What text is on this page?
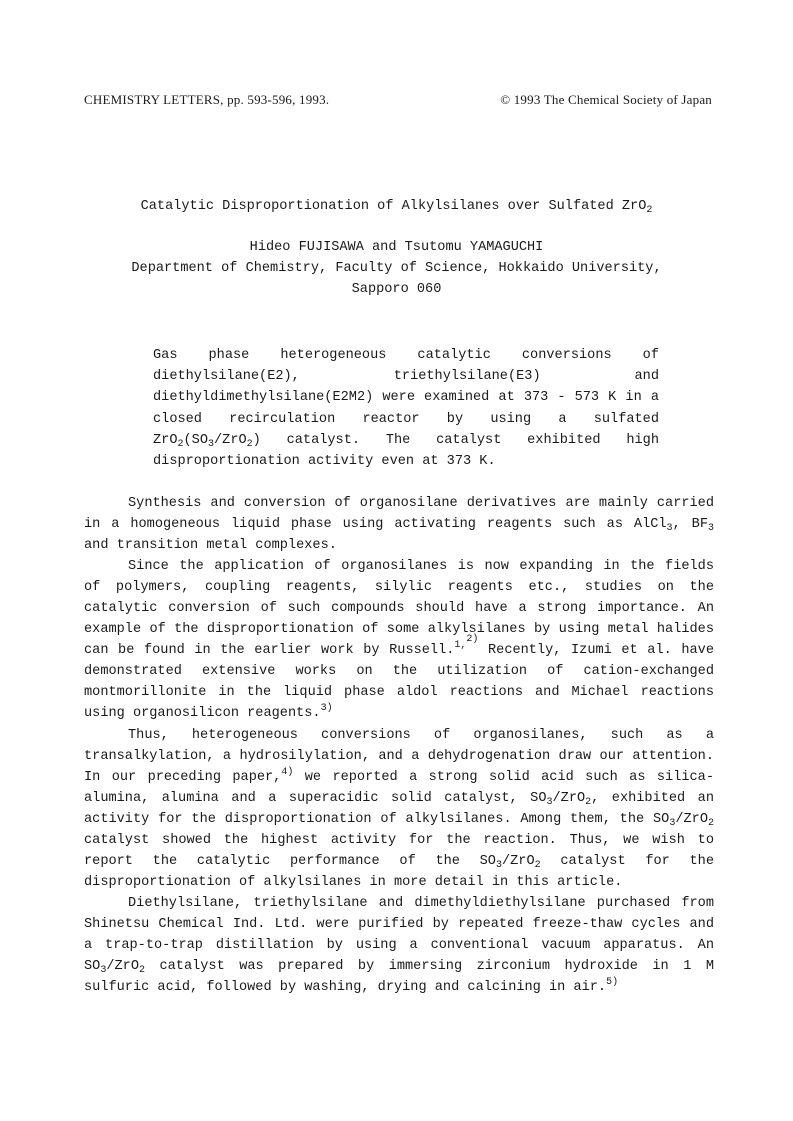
CHEMISTRY LETTERS, pp. 593-596, 1993.	© 1993 The Chemical Society of Japan
Catalytic Disproportionation of Alkylsilanes over Sulfated ZrO$_2$
Hideo FUJISAWA and Tsutomu YAMAGUCHI
Department of Chemistry, Faculty of Science, Hokkaido University,
Sapporo 060
Gas phase heterogeneous catalytic conversions of diethylsilane(E2), triethylsilane(E3) and diethyldimethylsilane(E2M2) were examined at 373 - 573 K in a closed recirculation reactor by using a sulfated $ZrO_2(SO_3/ZrO_2)$ catalyst. The catalyst exhibited high disproportionation activity even at 373 K.

Synthesis and conversion of organosilane derivatives are mainly carried in a homogeneous liquid phase using activating reagents such as AlCl$_3$, $BF_3$ and transition metal complexes.

Since the application of organosilanes is now expanding in the fields of polymers, coupling reagents, silylic reagents etc., studies on the catalytic conversion of such compounds should have a strong importance. An example of the disproportionation of some alkylsilanes by using metal halides can be found in the earlier work by Russell.$^{1,^{2)}}$ Recently, Izumi et al. have demonstrated extensive works on the utilization of cation-exchanged montmorillonite in the liquid phase aldol reactions and Michael reactions using organosilicon reagents.$^{3)}$

Thus, heterogeneous conversions of organosilanes, such as a transalkylation, a hydrosilylation, and a dehydrogenation draw our attention. In our preceding paper,$^{4)}$ we reported a strong solid acid such as silica-alumina, alumina and a superacidic solid catalyst, $SO_3/ZrO_2$, exhibited an activity for the disproportionation of alkylsilanes. Among them, the $SO_3/ZrO_2$ catalyst showed the highest activity for the reaction. Thus, we wish to report the catalytic performance of the $SO_3/ZrO_2$ catalyst for the disproportionation of alkylsilanes in more detail in this article.

Diethylsilane, triethylsilane and dimethyldiethylsilane purchased from Shinetsu Chemical Ind. Ltd. were purified by repeated freeze-thaw cycles and a trap-to-trap distillation by using a conventional vacuum apparatus. An $SO_3/ZrO_2$ catalyst was prepared by immersing zirconium hydroxide in 1 M sulfuric acid, followed by washing, drying and calcining in air.$^{5)}$
